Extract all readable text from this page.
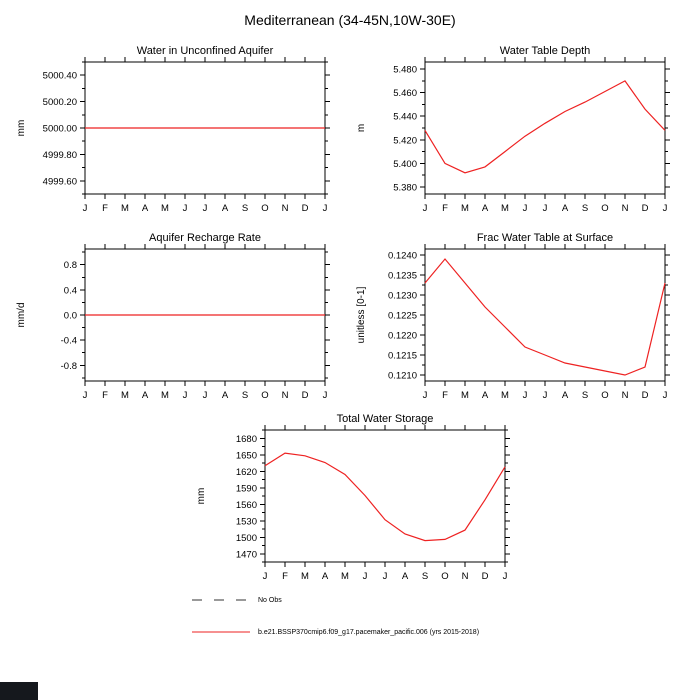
Mediterranean (34-45N,10W-30E)
Water in Unconfined Aquifer
mm
J F M A M J J A S O N D J
4999.60
4999.80
5000.00
5000.20
5000.40
Water Table Depth
m
J F M A M J J A S O N D J
5.380
5.400
5.420
5.440
5.460
5.480
Aquifer Recharge Rate
mm/d
J F M A M J J A S O N D J
-0.8
-0.4
0.0
0.4
0.8
Frac Water Table at Surface
unitless [0-1]
J F M A M J J A S O N D J
0.1210
0.1215
0.1220
0.1225
0.1230
0.1235
0.1240
Total Water Storage
mm
J F M A M J J A S O N D J
1470
1500
1530
1560
1590
1620
1650
1680
No Obs
b.e21.BSSP370cmip6.f09_g17.pacemaker_pacific.006 (yrs 2015-2018)
